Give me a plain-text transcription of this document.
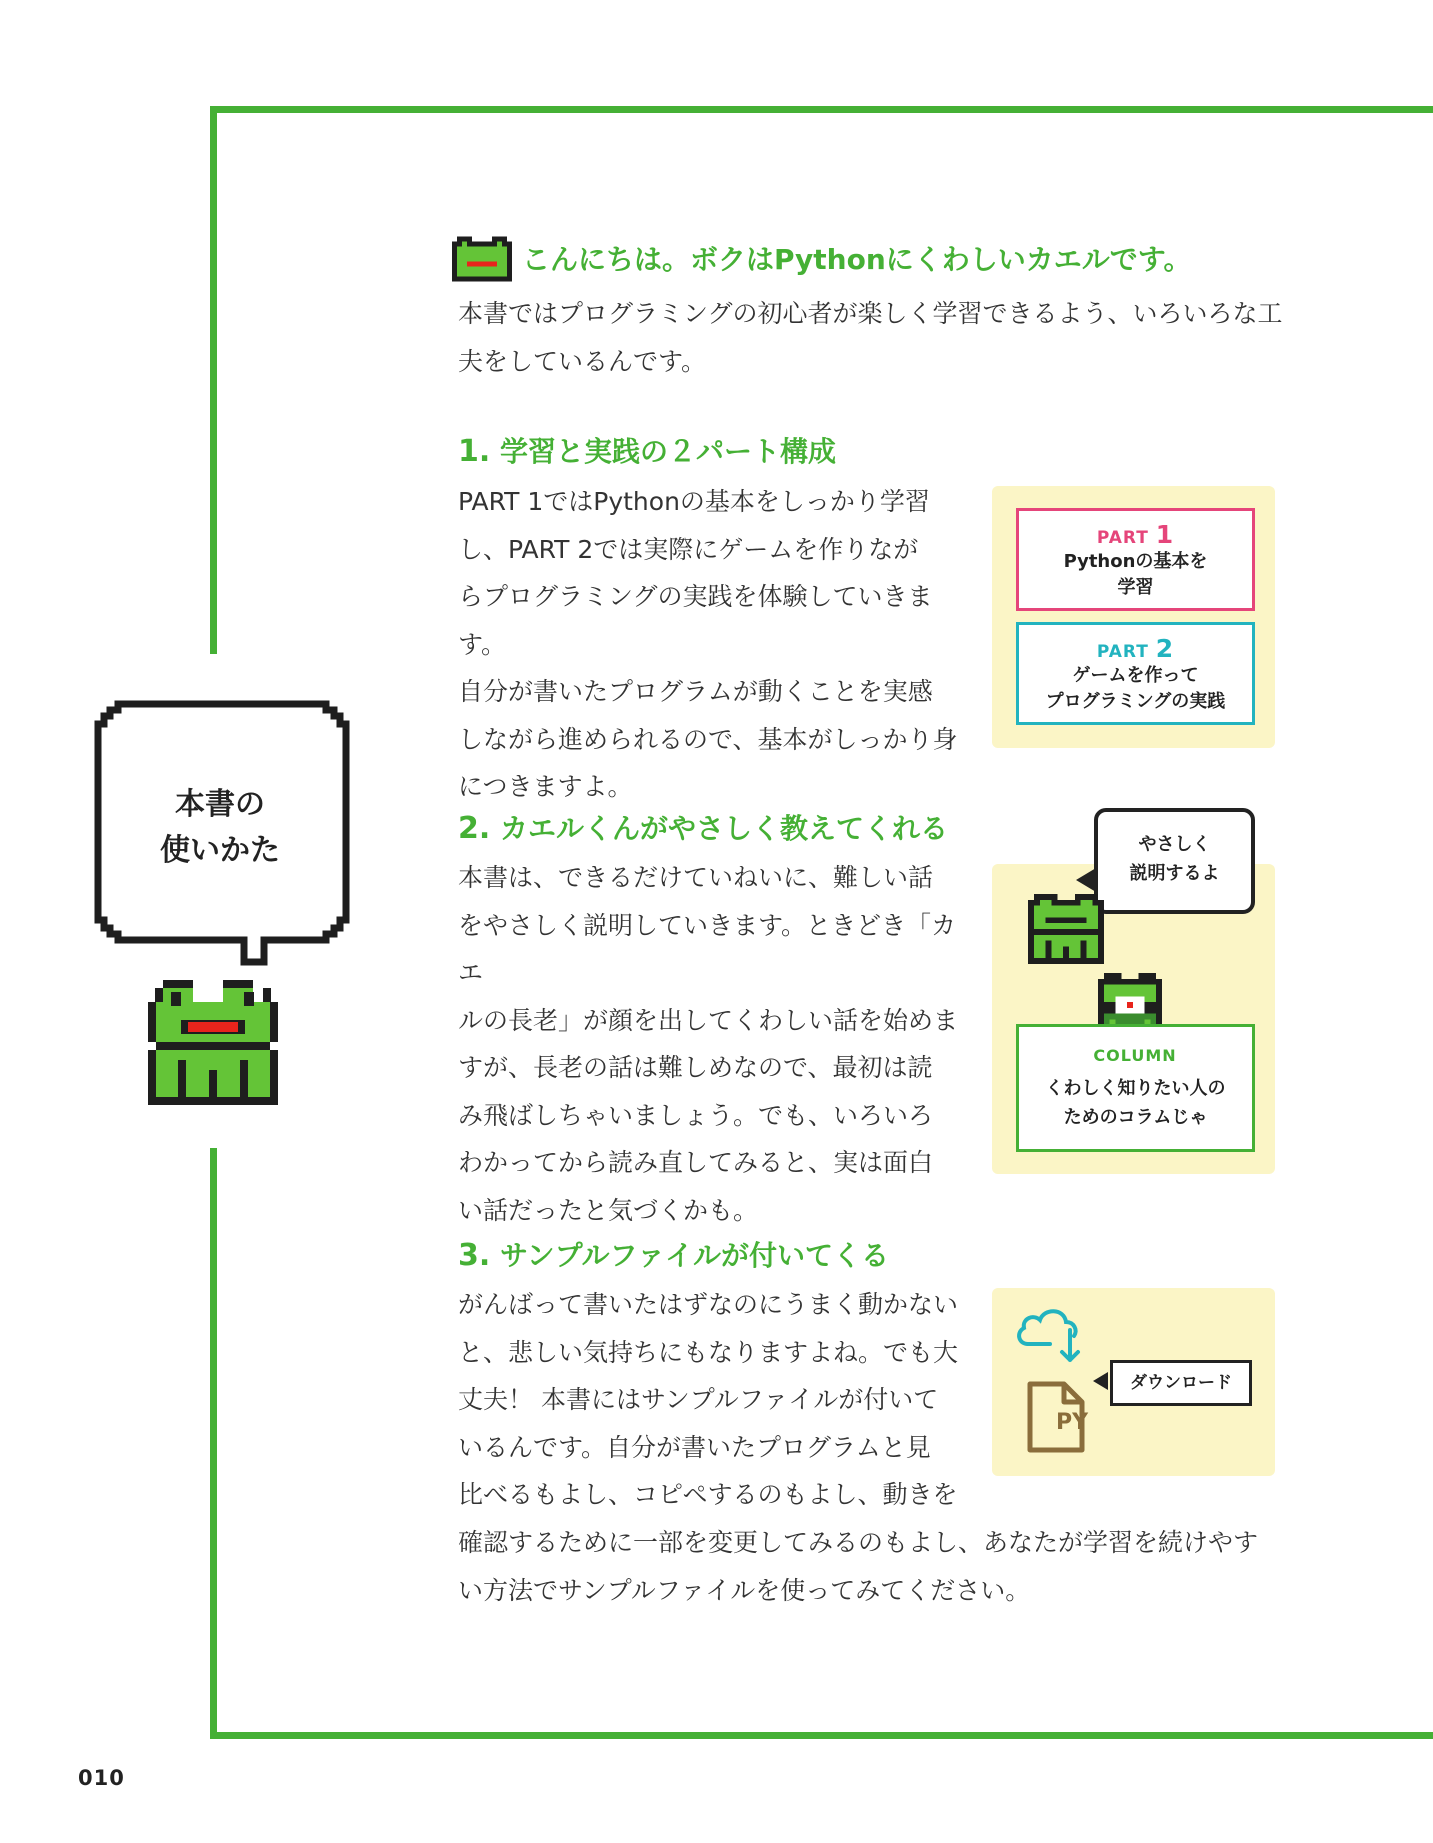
本書の
使いかた
こんにちは。ボクはPythonにくわしいカエルです。
本書ではプログラミングの初心者が楽しく学習できるよう、いろいろな工
夫をしているんです。
1. 学習と実践の２パート構成
PART 1ではPythonの基本をしっかり学習
し、PART 2では実際にゲームを作りなが
らプログラミングの実践を体験していきます。
自分が書いたプログラムが動くことを実感
しながら進められるので、基本がしっかり身
につきますよ。
PART 1
Pythonの基本を
学習
PART 2
ゲームを作って
プログラミングの実践
2. カエルくんがやさしく教えてくれる
本書は、できるだけていねいに、難しい話
をやさしく説明していきます。ときどき「カエ
ルの長老」が顔を出してくわしい話を始めま
すが、長老の話は難しめなので、最初は読
み飛ばしちゃいましょう。でも、いろいろ
わかってから読み直してみると、実は面白
い話だったと気づくかも。
やさしく
説明するよ
COLUMN
くわしく知りたい人の
ためのコラムじゃ
3. サンプルファイルが付いてくる
がんばって書いたはずなのにうまく動かない
と、悲しい気持ちにもなりますよね。でも大
丈夫！ 本書にはサンプルファイルが付いて
いるんです。自分が書いたプログラムと見
比べるもよし、コピペするのもよし、動きを
確認するために一部を変更してみるのもよし、あなたが学習を続けやす
い方法でサンプルファイルを使ってみてください。
PY
ダウンロード
010
